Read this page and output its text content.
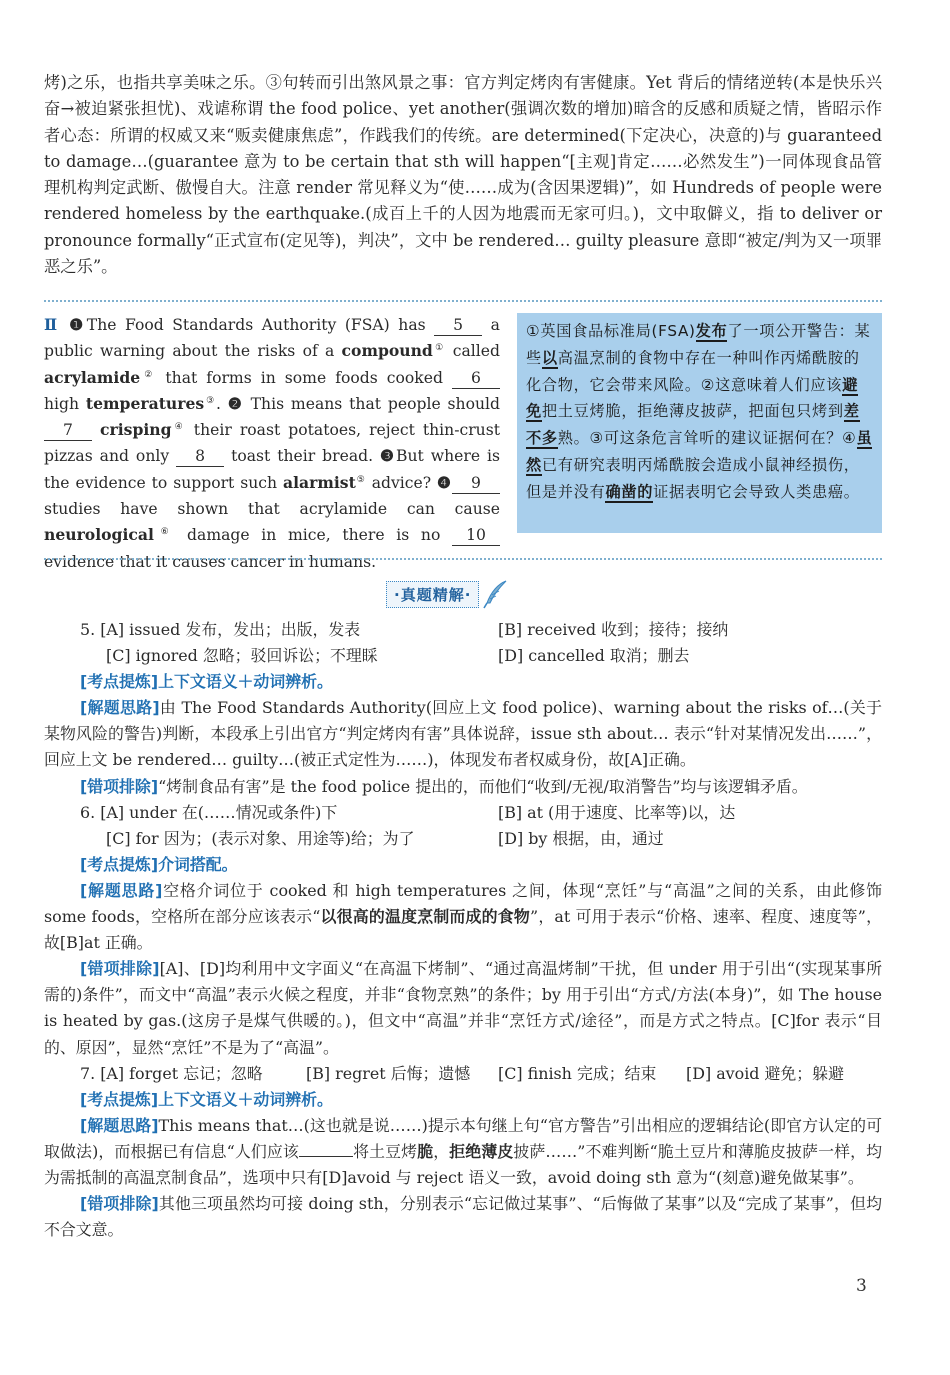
烤)之乐，也指共享美味之乐。③句转而引出煞风景之事：官方判定烤肉有害健康。Yet 背后的情绪逆转(本是快乐兴奋→被迫紧张担忧)、戏谑称谓 the food police、yet another(强调次数的增加)暗含的反感和质疑之情，皆昭示作者心态：所谓的权威又来“贩卖健康焦虑”，作践我们的传统。are determined(下定决心，决意的)与 guaranteed to damage…(guarantee 意为 to be certain that sth will happen“[主观]肯定……必然发生”)一同体现食品管理机构判定武断、傲慢自大。注意 render 常见释义为“使……成为(含因果逻辑)”，如 Hundreds of people were rendered homeless by the earthquake.(成百上千的人因为地震而无家可归。)，文中取僻义，指 to deliver or pronounce formally“正式宣布(定见等)，判决”，文中 be rendered… guilty pleasure 意即“被定/判为又一项罪恶之乐”。
Ⅱ ❶The Food Standards Authority (FSA) has 5 a public warning about the risks of a compound① called acrylamide② that forms in some foods cooked 6 high temperatures③. ❷ This means that people should 7 crisping④ their roast potatoes, reject thin-crust pizzas and only 8 toast their bread. ❸But where is the evidence to support such alarmist⑤ advice? ❹ 9 studies have shown that acrylamide can cause neurological⑥ damage in mice, there is no 10 evidence that it causes cancer in humans.
①英国食品标准局(FSA)发布了一项公开警告：某些以高温烹制的食物中存在一种叫作丙烯酰胺的化合物，它会带来风险。②这意味着人们应该避免把土豆烤脆，拒绝薄皮披萨，把面包只烤到差不多熟。③可这条危言耸听的建议证据何在？④虽然已有研究表明丙烯酰胺会造成小鼠神经损伤，但是并没有确凿的证据表明它会导致人类患癌。
·真题精解·
5. [A] issued 发布，发出；出版，发表	[B] received 收到；接待；接纳
[C] ignored 忽略；驳回诉讼；不理睬	[D] cancelled 取消；删去
[考点提炼]上下文语义＋动词辨析。
[解题思路]由 The Food Standards Authority(回应上文 food police)、warning about the risks of…(关于某物风险的警告)判断，本段承上引出官方“判定烤肉有害”具体说辞，issue sth about… 表示“针对某情况发出……”，回应上文 be rendered… guilty…(被正式定性为……)，体现发布者权威身份，故[A]正确。
[错项排除]“烤制食品有害”是 the food police 提出的，而他们“收到/无视/取消警告”均与该逻辑矛盾。
6. [A] under 在(……情况或条件)下	[B] at (用于速度、比率等)以，达
[C] for 因为；(表示对象、用途等)给；为了	[D] by 根据，由，通过
[考点提炼]介词搭配。
[解题思路]空格介词位于 cooked 和 high temperatures 之间，体现“烹饪”与“高温”之间的关系，由此修饰 some foods，空格所在部分应该表示“以很高的温度烹制而成的食物”，at 可用于表示“价格、速率、程度、速度等”，故[B]at 正确。
[错项排除][A]、[D]均利用中文字面义“在高温下烤制”、“通过高温烤制”干扰，但 under 用于引出“(实现某事所需的)条件”，而文中“高温”表示火候之程度，并非“食物烹熟”的条件；by 用于引出“方式/方法(本身)”，如 The house is heated by gas.(这房子是煤气供暖的。)，但文中“高温”并非“烹饪方式/途径”，而是方式之特点。[C]for 表示“目的、原因”，显然“烹饪”不是为了“高温”。
7. [A] forget 忘记；忽略	[B] regret 后悔；遗憾 [C] finish 完成；结束 [D] avoid 避免；躲避
[考点提炼]上下文语义＋动词辨析。
[解题思路]This means that…(这也就是说……)提示本句继上句“官方警告”引出相应的逻辑结论(即官方认定的可取做法)，而根据已有信息“人们应该	将土豆烤脆，拒绝薄皮披萨……”不难判断“脆土豆片和薄脆皮披萨一样，均为需抵制的高温烹制食品”，选项中只有[D]avoid 与 reject 语义一致，avoid doing sth 意为“(刻意)避免做某事”。
[错项排除]其他三项虽然均可接 doing sth，分别表示“忘记做过某事”、“后悔做了某事”以及“完成了某事”，但均不合文意。
3
